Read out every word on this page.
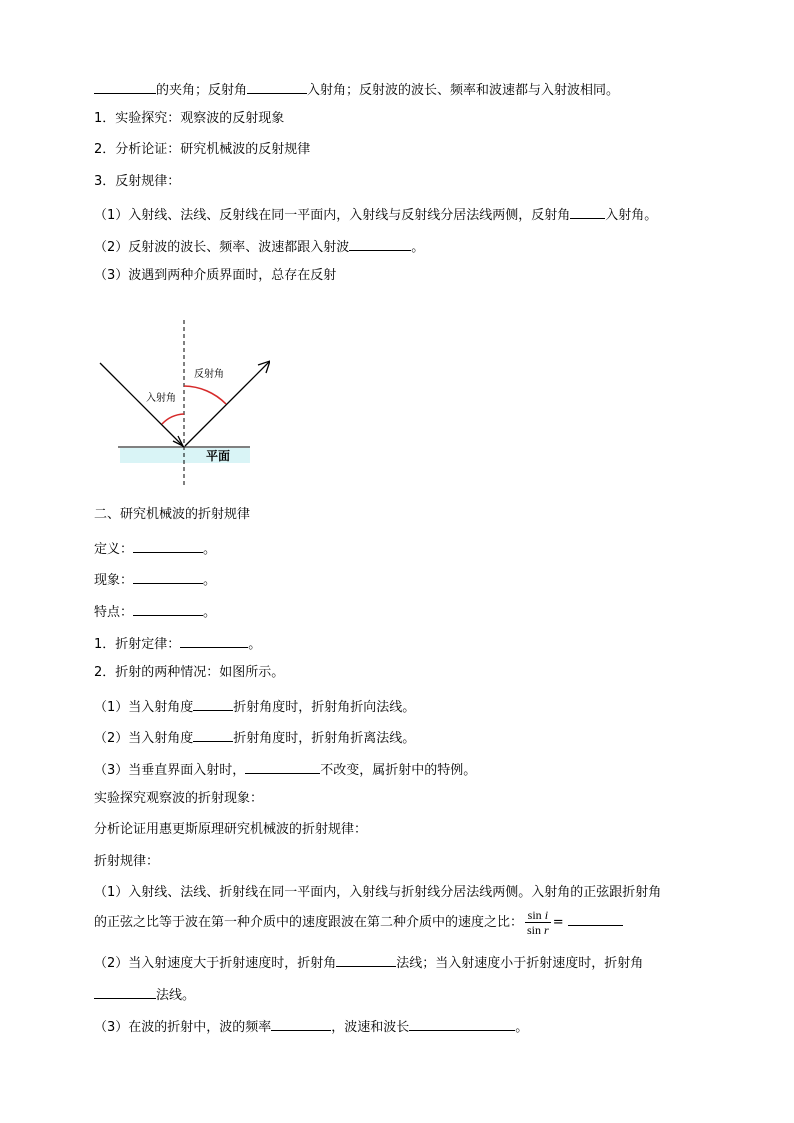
的夹角；反射角	入射角；反射波的波长、频率和波速都与入射波相同。
1．实验探究：观察波的反射现象
2．分析论证：研究机械波的反射规律
3．反射规律：
（1）入射线、法线、反射线在同一平面内，入射线与反射线分居法线两侧，反射角	入射角。
（2）反射波的波长、频率、波速都跟入射波	。
（3）波遇到两种介质界面时，总存在反射
入射角
反射角
平面
二、研究机械波的折射规律
定义：	。
现象：	。
特点：	。
1．折射定律：	。
2．折射的两种情况：如图所示。
（1）当入射角度	折射角度时，折射角折向法线。
（2）当入射角度	折射角度时，折射角折离法线。
（3）当垂直界面入射时，	不改变，属折射中的特例。
实验探究观察波的折射现象：
分析论证用惠更斯原理研究机械波的折射规律：
折射规律：
（1）入射线、法线、折射线在同一平面内，入射线与折射线分居法线两侧。入射角的正弦跟折射角
的正弦之比等于波在第一种介质中的速度跟波在第二种介质中的速度之比： $\frac{\text{sin i}}{\text{sin r}}$ =
（2）当入射速度大于折射速度时，折射角	法线；当入射速度小于折射速度时，折射角
法线。
（3）在波的折射中，波的频率	，波速和波长	。
